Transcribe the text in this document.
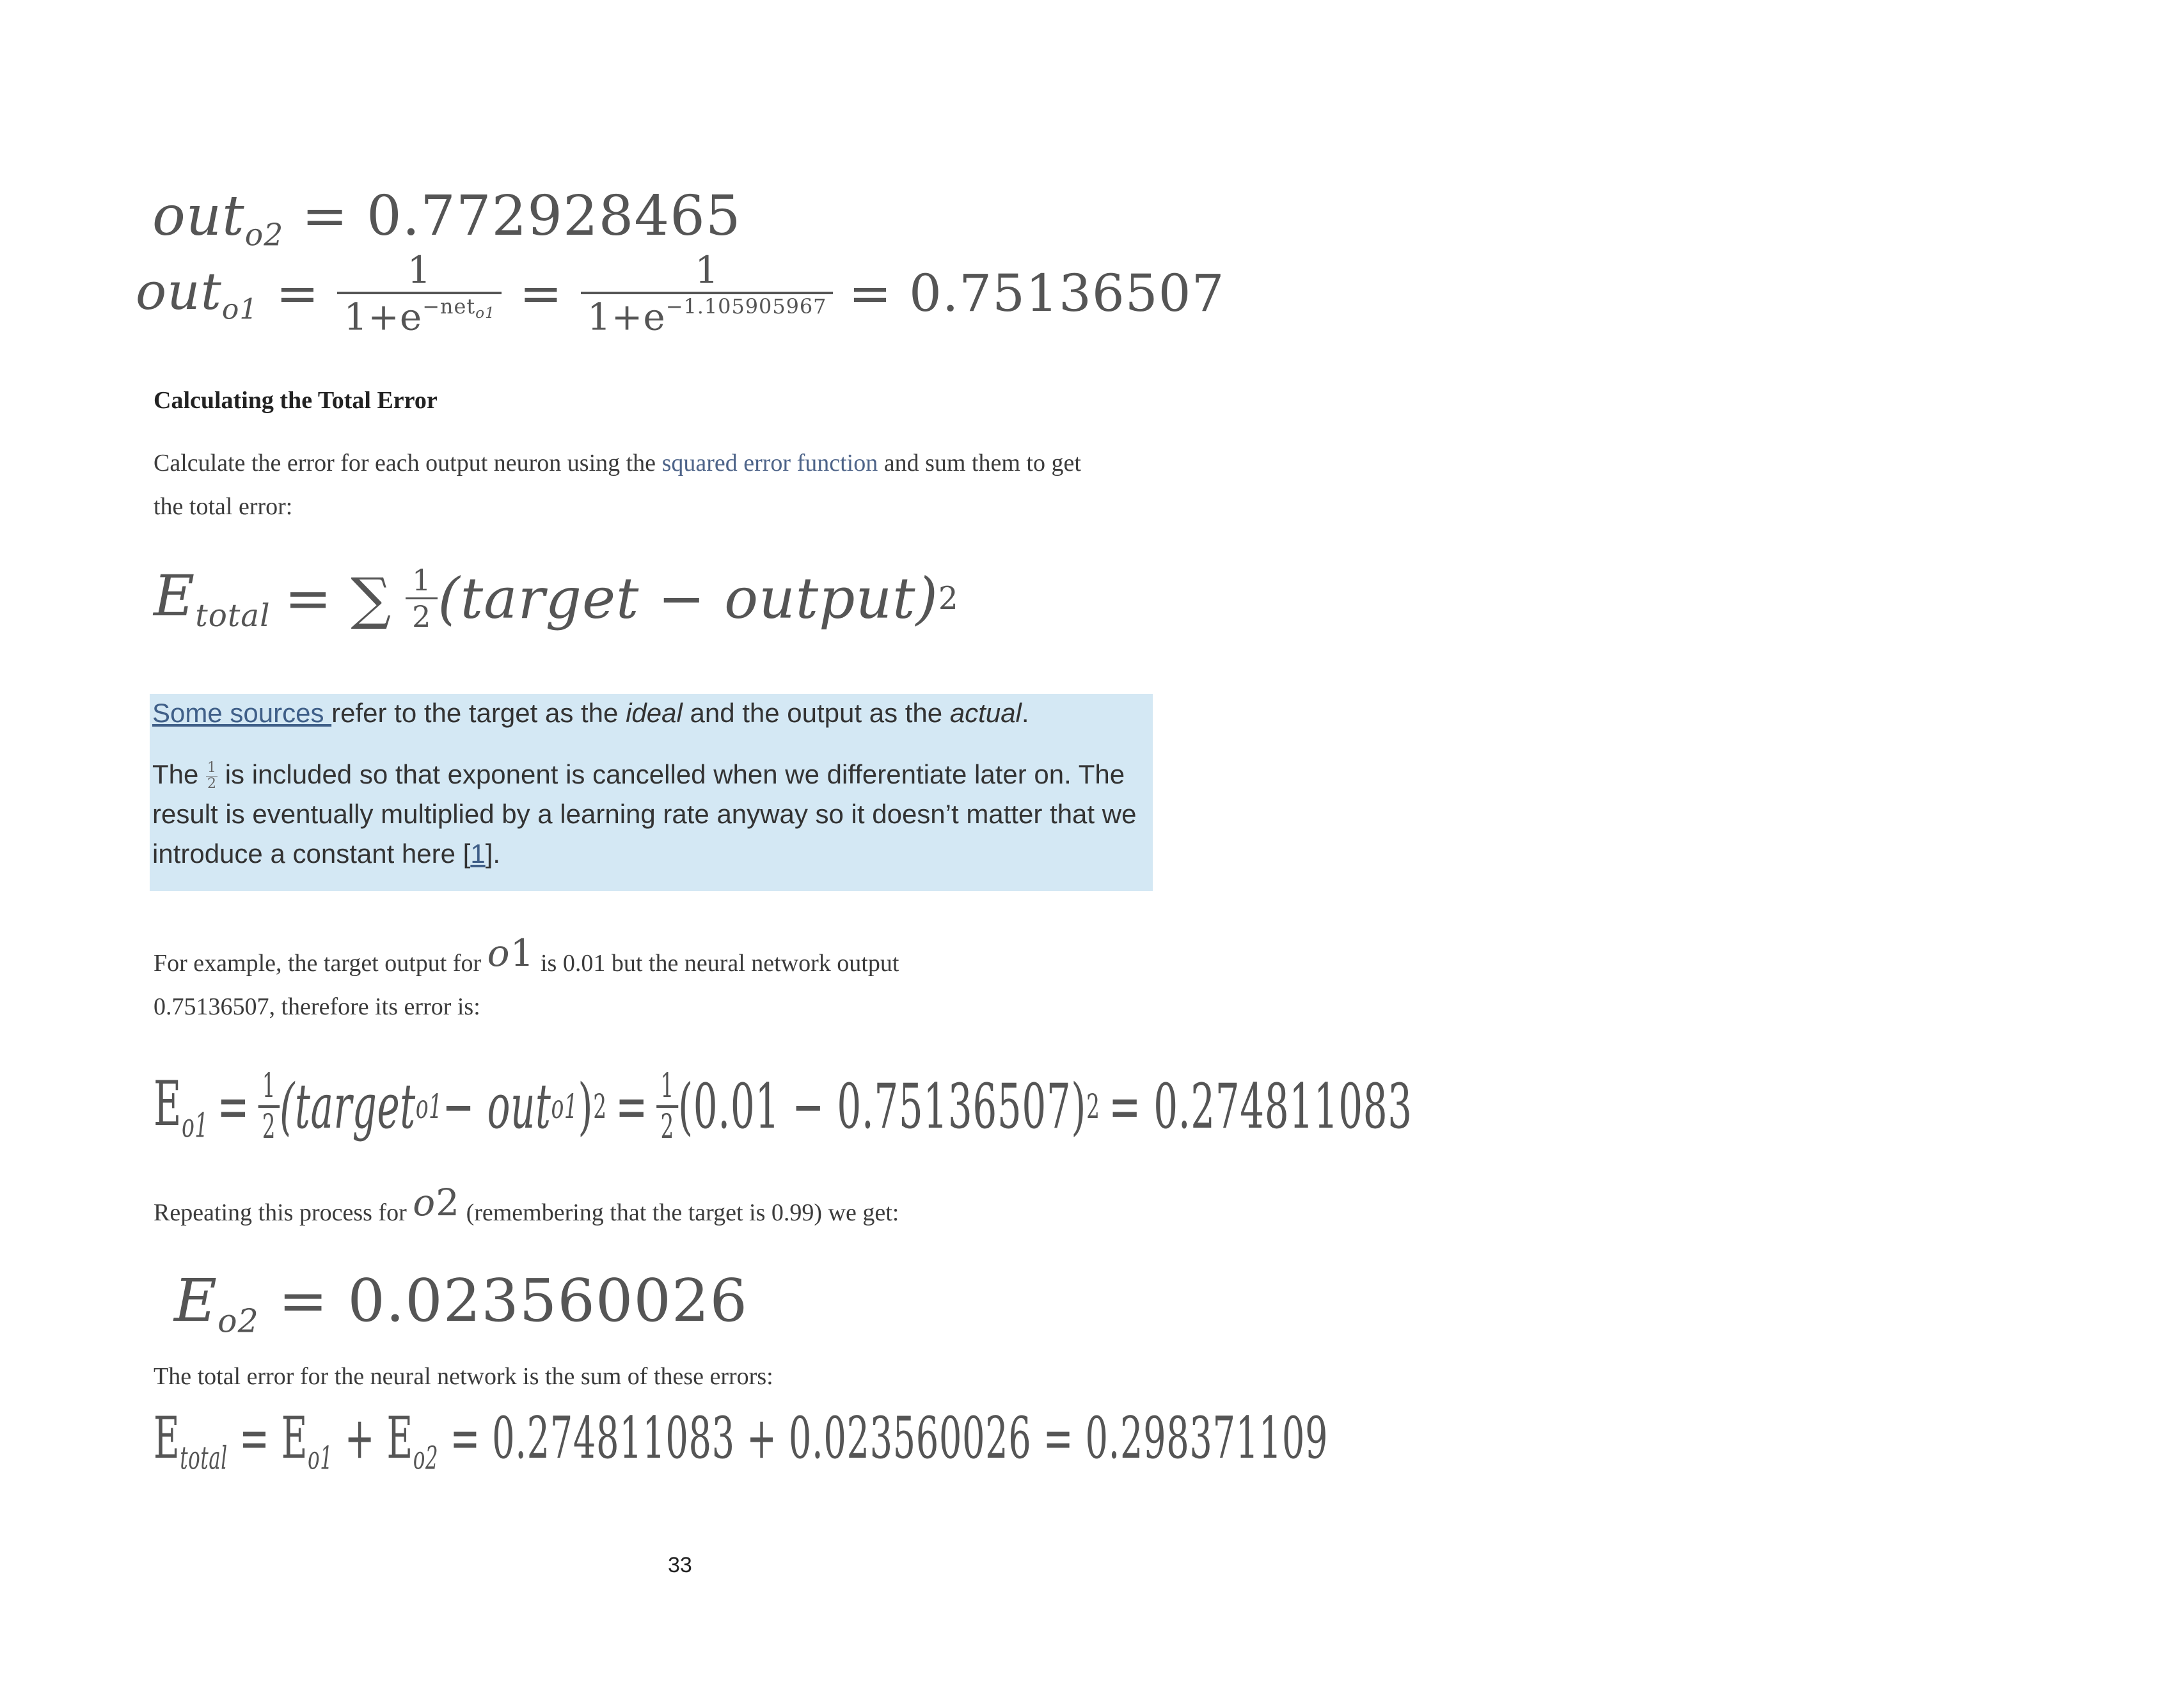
out$_{o2}$ = 0.772928465
$out_{o1} = \frac{1}{1+e^{-neto1}} = \frac{1}{1+e^{-1.105905967}} = 0.75136507$
Calculating the Total Error
Calculate the error for each output neuron using the squared error function and sum them to get
the total error:
$E_{total}$ = ∑ $\frac{1}{2}$ (target − output) 2
Some sources refer to the target as the ideal and the output as the actual.
The $\frac{1}{2}$ is included so that exponent is cancelled when we differentiate later on. The
result is eventually multiplied by a learning rate anyway so it doesn’t matter that we
introduce a constant here [1].
For example, the target output for o1 is 0.01 but the neural network output
0.75136507, therefore its error is:
$E_{o1} = \frac{1}{2}$ (target o1 − out o1 ) $2 = \frac{1}{2} (0.01 - 0.75136507) 2 = 0.274811083$
Repeating this process for o2 (remembering that the target is 0.99) we get:
$E_{o2} = 0.023560026$
The total error for the neural network is the sum of these errors:
$E_{total} = E_{o1} + E_{o2} = 0.274811083 + 0.023560026 = 0.298371109$
33
